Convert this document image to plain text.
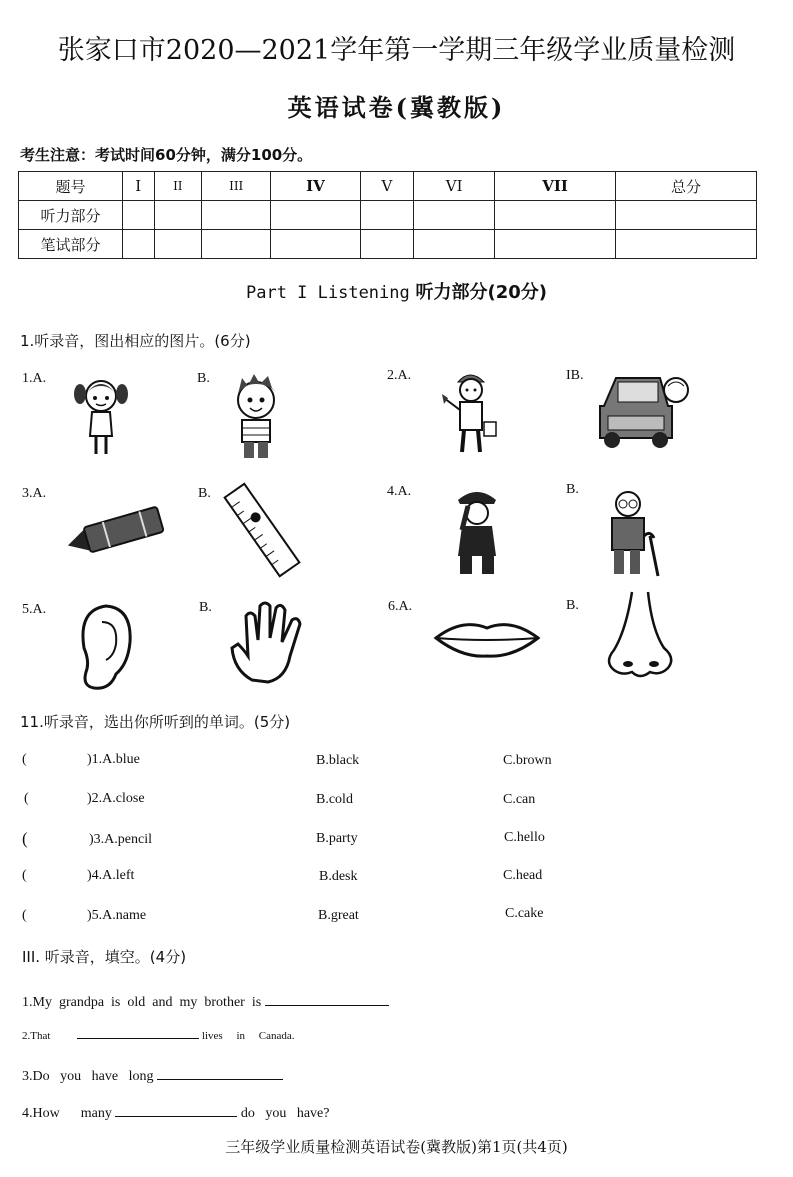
张家口市2020—2021学年第一学期三年级学业质量检测
英语试卷(冀教版)
考生注意：考试时间60分钟，满分100分。
题号	I	II	III	IV	V	VI	VII	总分
听力部分								
笔试部分								
Part I Listening 听力部分(20分)
1.听录音，图出相应的图片。(6分)
1.A.	B.	2.A.	IB.
3.A.	B.	4.A.	B.
5.A.	B.	6.A.	B.
11.听录音，选出你所听到的单词。(5分)
(	)1.A.blue	B.black	C.brown
(	)2.A.close	B.cold	C.can
(	)3.A.pencil	B.party	C.hello
(	)4.A.left	B.desk	C.head
(	)5.A.name	B.great	C.cake
III. 听录音，填空。(4分)
1.My grandpa is old and my brother is
2.That	lives in Canada.
3.Do you have long
4.How many	do you have?
三年级学业质量检测英语试卷(冀教版)第1页(共4页)
